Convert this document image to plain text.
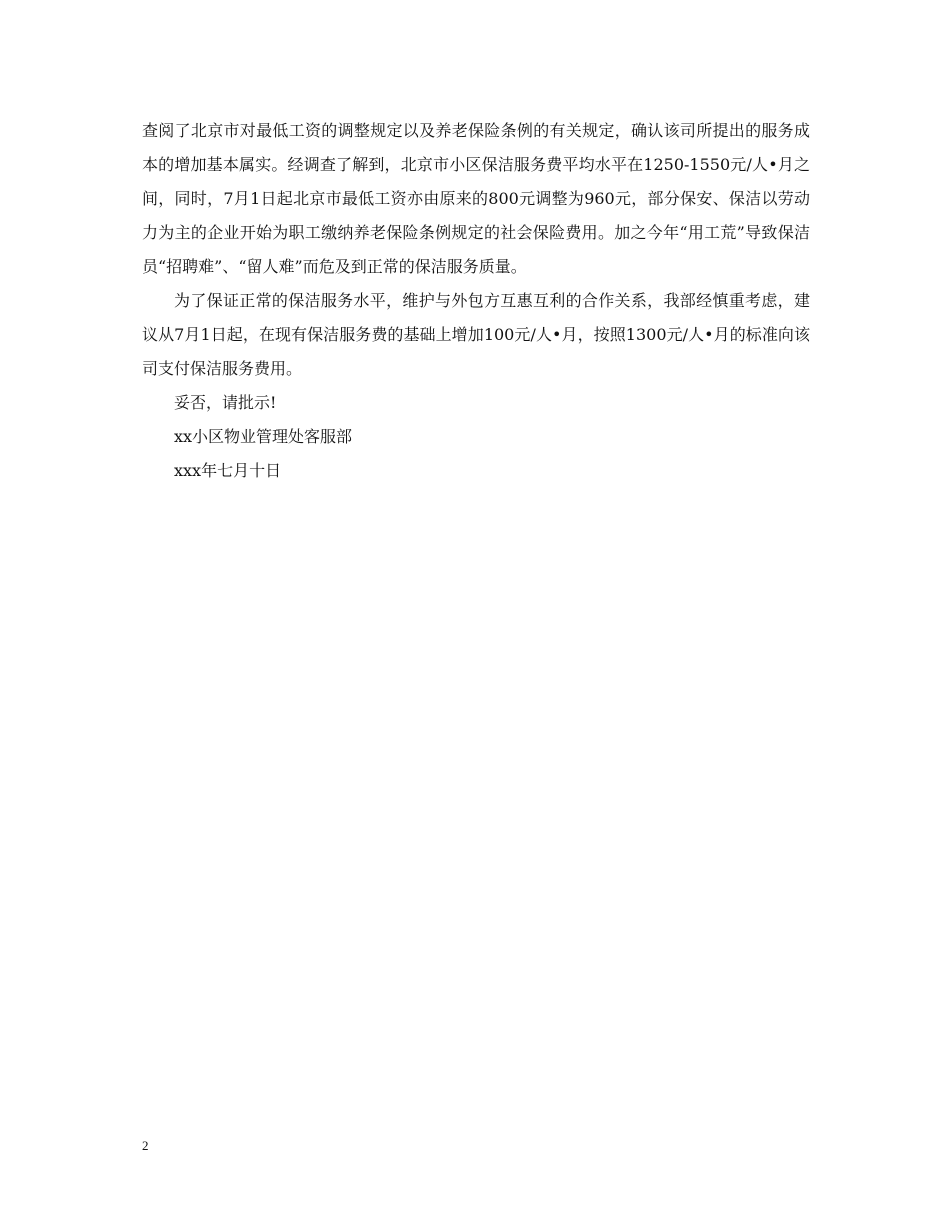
查阅了北京市对最低工资的调整规定以及养老保险条例的有关规定，确认该司所提出的服务成本的增加基本属实。经调查了解到，北京市小区保洁服务费平均水平在1250-1550元/人•月之间，同时，7月1日起北京市最低工资亦由原来的800元调整为960元，部分保安、保洁以劳动力为主的企业开始为职工缴纳养老保险条例规定的社会保险费用。加之今年“用工荒”导致保洁员“招聘难”、“留人难”而危及到正常的保洁服务质量。

为了保证正常的保洁服务水平，维护与外包方互惠互利的合作关系，我部经慎重考虑，建议从7月1日起，在现有保洁服务费的基础上增加100元/人•月，按照1300元/人•月的标准向该司支付保洁服务费用。

妥否，请批示!

xx小区物业管理处客服部

xxx年七月十日

2
